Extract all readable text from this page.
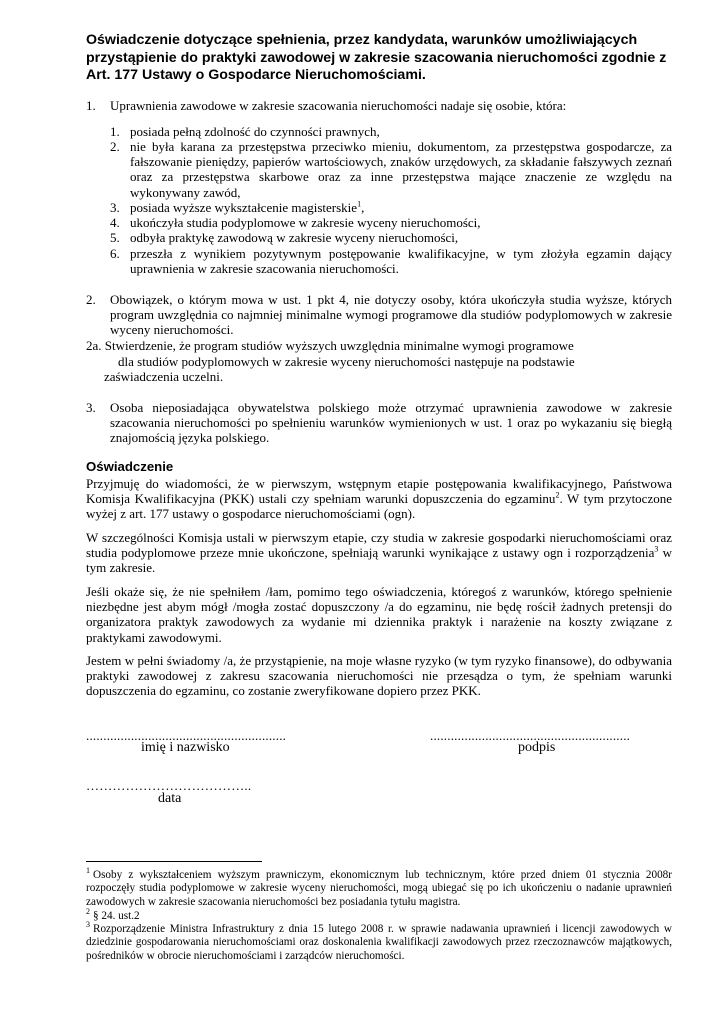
Oświadczenie dotyczące spełnienia, przez kandydata, warunków umożliwiających przystąpienie do praktyki zawodowej w zakresie szacowania nieruchomości zgodnie z Art. 177 Ustawy o Gospodarce Nieruchomościami.
1. Uprawnienia zawodowe w zakresie szacowania nieruchomości nadaje się osobie, która:
1. posiada pełną zdolność do czynności prawnych,
2. nie była karana za przestępstwa przeciwko mieniu, dokumentom, za przestępstwa gospodarcze, za fałszowanie pieniędzy, papierów wartościowych, znaków urzędowych, za składanie fałszywych zeznań oraz za przestępstwa skarbowe oraz za inne przestępstwa mające znaczenie ze względu na wykonywany zawód,
3. posiada wyższe wykształcenie magisterskie$^1$,
4. ukończyła studia podyplomowe w zakresie wyceny nieruchomości,
5. odbyła praktykę zawodową w zakresie wyceny nieruchomości,
6. przeszła z wynikiem pozytywnym postępowanie kwalifikacyjne, w tym złożyła egzamin dający uprawnienia w zakresie szacowania nieruchomości.
2. Obowiązek, o którym mowa w ust. 1 pkt 4, nie dotyczy osoby, która ukończyła studia wyższe, których program uwzględnia co najmniej minimalne wymogi programowe dla studiów podyplomowych w zakresie wyceny nieruchomości.
2a. Stwierdzenie, że program studiów wyższych uwzględnia minimalne wymogi programowe
dla studiów podyplomowych w zakresie wyceny nieruchomości następuje na podstawie
zaświadczenia uczelni.
3. Osoba nieposiadająca obywatelstwa polskiego może otrzymać uprawnienia zawodowe w zakresie szacowania nieruchomości po spełnieniu warunków wymienionych w ust. 1 oraz po wykazaniu się biegłą znajomością języka polskiego.
Oświadczenie
Przyjmuję do wiadomości, że w pierwszym, wstępnym etapie postępowania kwalifikacyjnego, Państwowa Komisja Kwalifikacyjna (PKK) ustali czy spełniam warunki dopuszczenia do egzaminu$^2$. W tym przytoczone wyżej z art. 177 ustawy o gospodarce nieruchomościami (ogn).
W szczególności Komisja ustali w pierwszym etapie, czy studia w zakresie gospodarki nieruchomościami oraz studia podyplomowe przeze mnie ukończone, spełniają warunki wynikające z ustawy ogn i rozporządzenia$^3$ w tym zakresie.
Jeśli okaże się, że nie spełniłem /łam, pomimo tego oświadczenia, któregoś z warunków, którego spełnienie niezbędne jest abym mógł /mogła zostać dopuszczony /a do egzaminu, nie będę rościł żadnych pretensji do organizatora praktyk zawodowych za wydanie mi dziennika praktyk i narażenie na koszty związane z praktykami zawodowymi.
Jestem w pełni świadomy /a, że przystąpienie, na moje własne ryzyko (w tym ryzyko finansowe), do odbywania praktyki zawodowej z zakresu szacowania nieruchomości nie przesądza o tym, że spełniam warunki dopuszczenia do egzaminu, co zostanie zweryfikowane dopiero przez PKK.
..........................................................
imię i nazwisko
..........................................................
podpis
………………………………..
data
$^1$ Osoby z wykształceniem wyższym prawniczym, ekonomicznym lub technicznym, które przed dniem 01 stycznia 2008r rozpoczęły studia podyplomowe w zakresie wyceny nieruchomości, mogą ubiegać się po ich ukończeniu o nadanie uprawnień zawodowych w zakresie szacowania nieruchomości bez posiadania tytułu magistra.
$^2$ § 24. ust.2
$^3$ Rozporządzenie Ministra Infrastruktury z dnia 15 lutego 2008 r. w sprawie nadawania uprawnień i licencji zawodowych w dziedzinie gospodarowania nieruchomościami oraz doskonalenia kwalifikacji zawodowych przez rzeczoznawców majątkowych, pośredników w obrocie nieruchomościami i zarządców nieruchomości.
